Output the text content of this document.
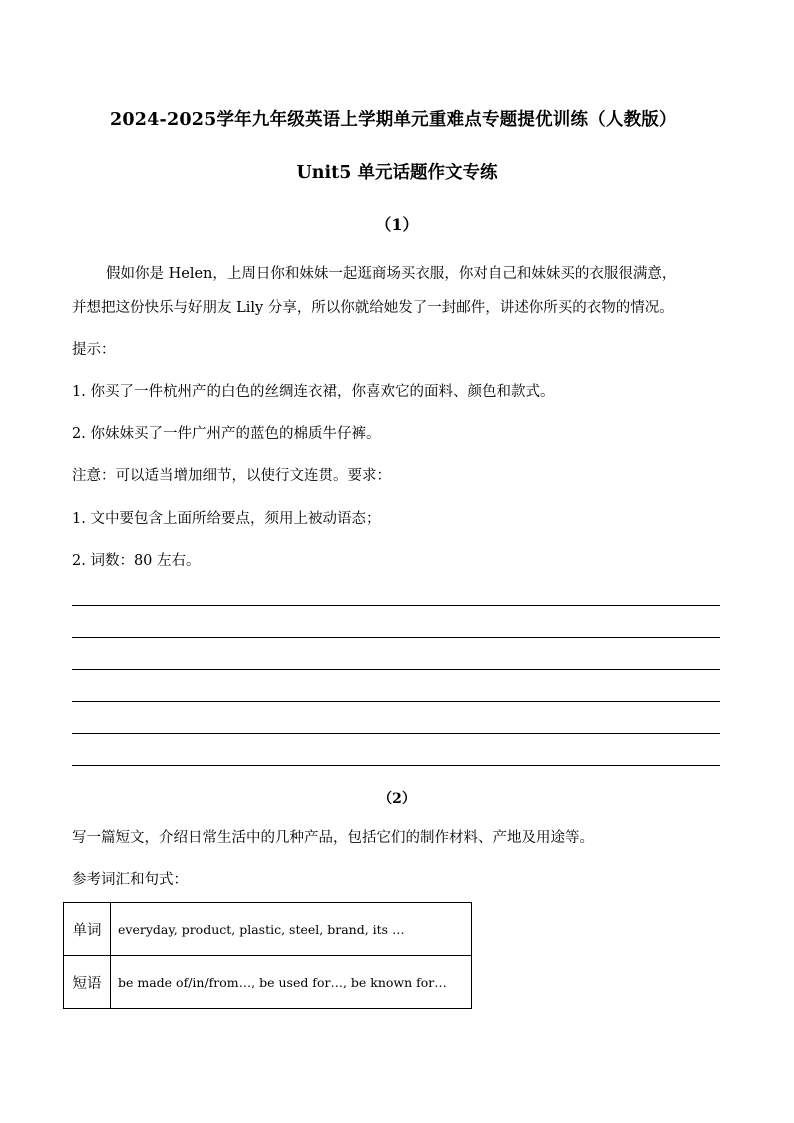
2024-2025学年九年级英语上学期单元重难点专题提优训练（人教版）
Unit5 单元话题作文专练
（1）
假如你是 Helen，上周日你和妹妹一起逛商场买衣服，你对自己和妹妹买的衣服很满意，
并想把这份快乐与好朋友 Lily 分享，所以你就给她发了一封邮件，讲述你所买的衣物的情况。
提示：
1. 你买了一件杭州产的白色的丝绸连衣裙，你喜欢它的面料、颜色和款式。
2. 你妹妹买了一件广州产的蓝色的棉质牛仔裤。
注意：可以适当增加细节，以使行文连贯。要求：
1. 文中要包含上面所给要点，须用上被动语态；
2. 词数：80 左右。
（2）
写一篇短文，介绍日常生活中的几种产品，包括它们的制作材料、产地及用途等。
参考词汇和句式：
单词	everyday, product, plastic, steel, brand, its …
短语	be made of/in/from…, be used for…, be known for…
